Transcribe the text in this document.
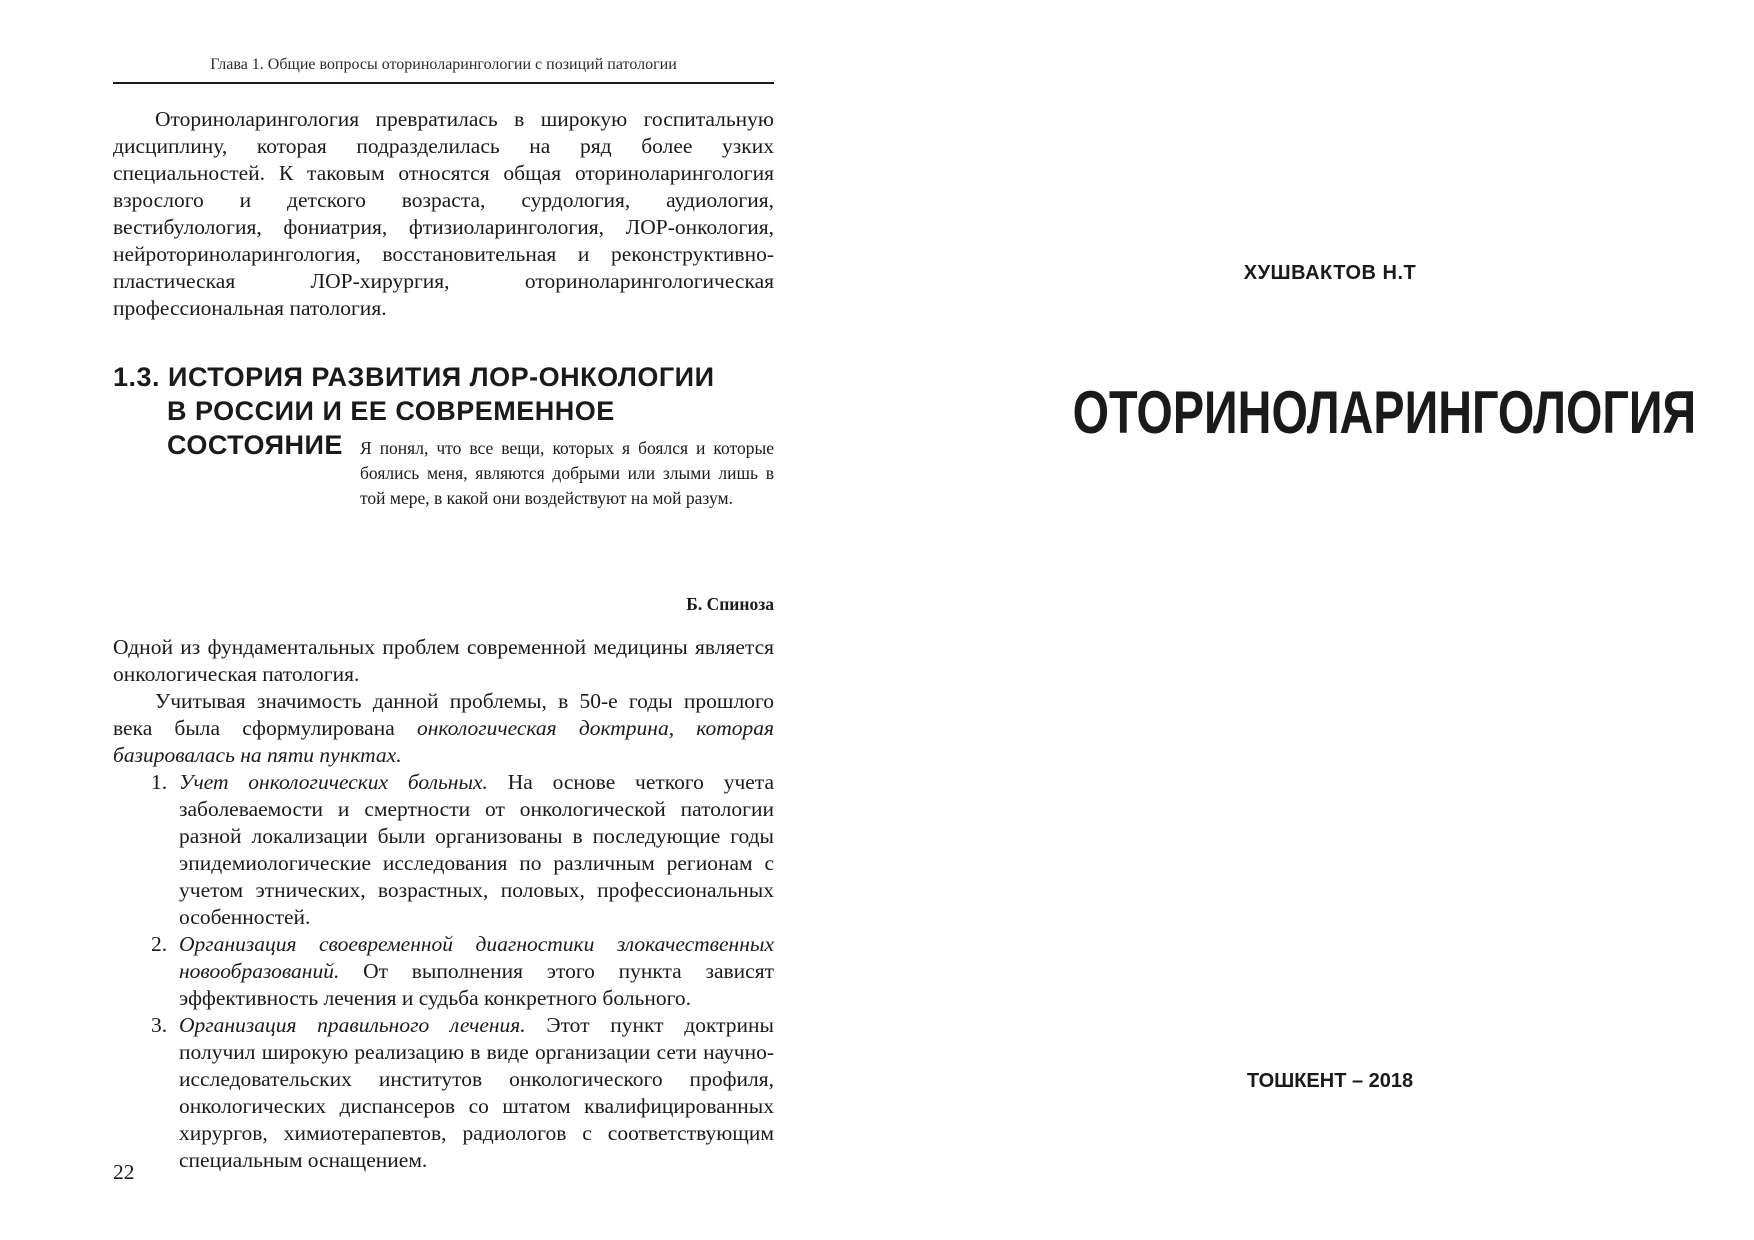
Глава 1. Общие вопросы оториноларингологии с позиций патологии

Оториноларингология превратилась в широкую госпитальную дисциплину, которая подразделилась на ряд более узких специальностей. К таковым относятся общая оториноларингология взрослого и детского возраста, сурдология, аудиология, вестибулология, фониатрия, фтизиоларингология, ЛОР-онкология, нейроториноларингология, восстановительная и реконструктивно-пластическая ЛОР-хирургия, оториноларингологическая профессиональная патология.

1.3. ИСТОРИЯ РАЗВИТИЯ ЛОР-ОНКОЛОГИИ
В РОССИИ И ЕЕ СОВРЕМЕННОЕ СОСТОЯНИЕ Я понял, что все вещи, которых я боялся и которые боялись меня, являются добрыми или злыми лишь в той мере, в какой они воздействуют на мой разум.
Б. Спиноза

Одной из фундаментальных проблем современной медицины является онкологическая патология.

Учитывая значимость данной проблемы, в 50-е годы прошлого века была сформулирована онкологическая доктрина, которая базировалась на пяти пунктах.

1. Учет онкологических больных. На основе четкого учета заболеваемости и смертности от онкологической патологии разной локализации были организованы в последующие годы эпидемиологические исследования по различным регионам с учетом этнических, возрастных, половых, профессиональных особенностей.
2. Организация своевременной диагностики злокачественных новообразований. От выполнения этого пункта зависят эффективность лечения и судьба конкретного больного.
3. Организация правильного лечения. Этот пункт доктрины получил широкую реализацию в виде организации сети научно-исследовательских институтов онкологического профиля, онкологических диспансеров со штатом квалифицированных хирургов, химиотерапевтов, радиологов с соответствующим специальным оснащением.
22
ХУШВАКТОВ Н.Т
ОТОРИНОЛАРИНГОЛОГИЯ
ТОШКЕНТ – 2018
